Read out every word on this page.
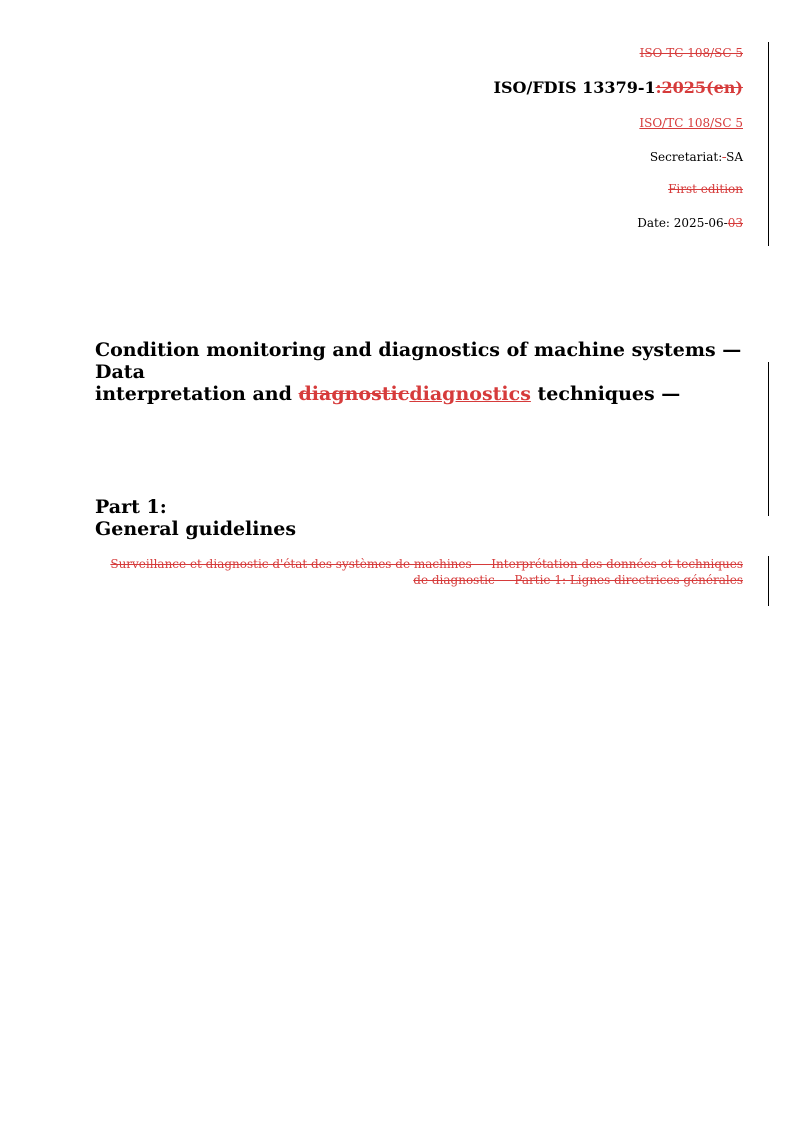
ISO TC 108/SC 5
ISO/FDIS 13379-1:2025(en)
ISO/TC 108/SC 5
Secretariat: SA
First edition
Date: 2025-06-03
Condition monitoring and diagnostics of machine systems — Data
interpretation and diagnosticdiagnostics techniques —
Part 1:
General guidelines
Surveillance et diagnostic d'état des systèmes de machines — Interprétation des données et techniques
de diagnostic — Partie 1: Lignes directrices générales
